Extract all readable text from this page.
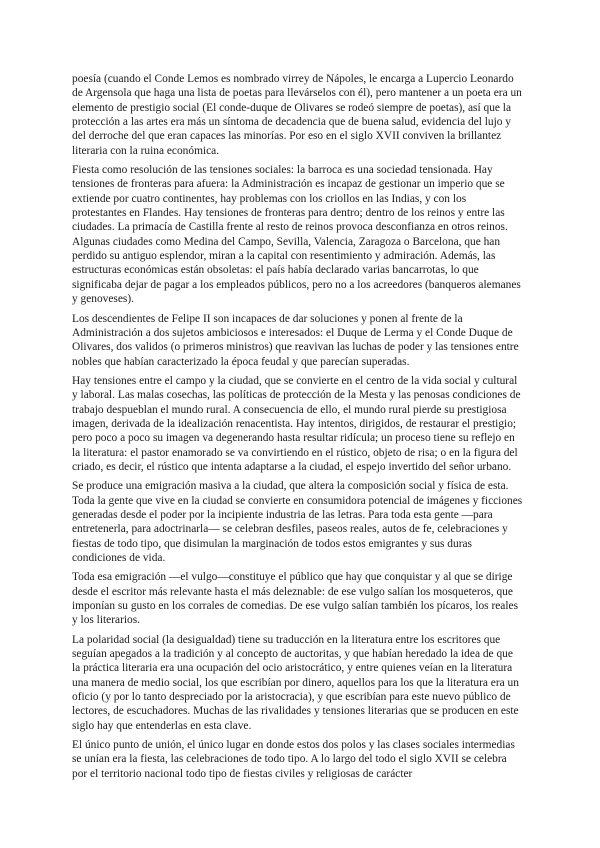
poesía (cuando el Conde Lemos es nombrado virrey de Nápoles, le encarga a Lupercio Leonardo de Argensola que haga una lista de poetas para llevárselos con él), pero mantener a un poeta era un elemento de prestigio social (El conde-duque de Olivares se rodeó siempre de poetas), así que la protección a las artes era más un síntoma de decadencia que de buena salud, evidencia del lujo y del derroche del que eran capaces las minorías. Por eso en el siglo XVII conviven la brillantez literaria con la ruina económica.

Fiesta como resolución de las tensiones sociales: la barroca es una sociedad tensionada. Hay tensiones de fronteras para afuera: la Administración es incapaz de gestionar un imperio que se extiende por cuatro continentes, hay problemas con los criollos en las Indias, y con los protestantes en Flandes. Hay tensiones de fronteras para dentro; dentro de los reinos y entre las ciudades. La primacía de Castilla frente al resto de reinos provoca desconfianza en otros reinos. Algunas ciudades como Medina del Campo, Sevilla, Valencia, Zaragoza o Barcelona, que han perdido su antiguo esplendor, miran a la capital con resentimiento y admiración. Además, las estructuras económicas están obsoletas: el país había declarado varias bancarrotas, lo que significaba dejar de pagar a los empleados públicos, pero no a los acreedores (banqueros alemanes y genoveses).

Los descendientes de Felipe II son incapaces de dar soluciones y ponen al frente de la Administración a dos sujetos ambiciosos e interesados: el Duque de Lerma y el Conde Duque de Olivares, dos validos (o primeros ministros) que reavivan las luchas de poder y las tensiones entre nobles que habían caracterizado la época feudal y que parecían superadas.

Hay tensiones entre el campo y la ciudad, que se convierte en el centro de la vida social y cultural y laboral. Las malas cosechas, las políticas de protección de la Mesta y las penosas condiciones de trabajo despueblan el mundo rural. A consecuencia de ello, el mundo rural pierde su prestigiosa imagen, derivada de la idealización renacentista. Hay intentos, dirigidos, de restaurar el prestigio; pero poco a poco su imagen va degenerando hasta resultar ridícula; un proceso tiene su reflejo en la literatura: el pastor enamorado se va convirtiendo en el rústico, objeto de risa; o en la figura del criado, es decir, el rústico que intenta adaptarse a la ciudad, el espejo invertido del señor urbano.

Se produce una emigración masiva a la ciudad, que altera la composición social y física de esta. Toda la gente que vive en la ciudad se convierte en consumidora potencial de imágenes y ficciones generadas desde el poder por la incipiente industria de las letras. Para toda esta gente —para entretenerla, para adoctrinarla— se celebran desfiles, paseos reales, autos de fe, celebraciones y fiestas de todo tipo, que disimulan la marginación de todos estos emigrantes y sus duras condiciones de vida.

Toda esa emigración —el vulgo—constituye el público que hay que conquistar y al que se dirige desde el escritor más relevante hasta el más deleznable: de ese vulgo salían los mosqueteros, que imponían su gusto en los corrales de comedias. De ese vulgo salían también los pícaros, los reales y los literarios.

La polaridad social (la desigualdad) tiene su traducción en la literatura entre los escritores que seguían apegados a la tradición y al concepto de auctoritas, y que habían heredado la idea de que la práctica literaria era una ocupación del ocio aristocrático, y entre quienes veían en la literatura una manera de medio social, los que escribían por dinero, aquellos para los que la literatura era un oficio (y por lo tanto despreciado por la aristocracia), y que escribían para este nuevo público de lectores, de escuchadores. Muchas de las rivalidades y tensiones literarias que se producen en este siglo hay que entenderlas en esta clave.

El único punto de unión, el único lugar en donde estos dos polos y las clases sociales intermedias se unían era la fiesta, las celebraciones de todo tipo. A lo largo del todo el siglo XVII se celebra por el territorio nacional todo tipo de fiestas civiles y religiosas de carácter
